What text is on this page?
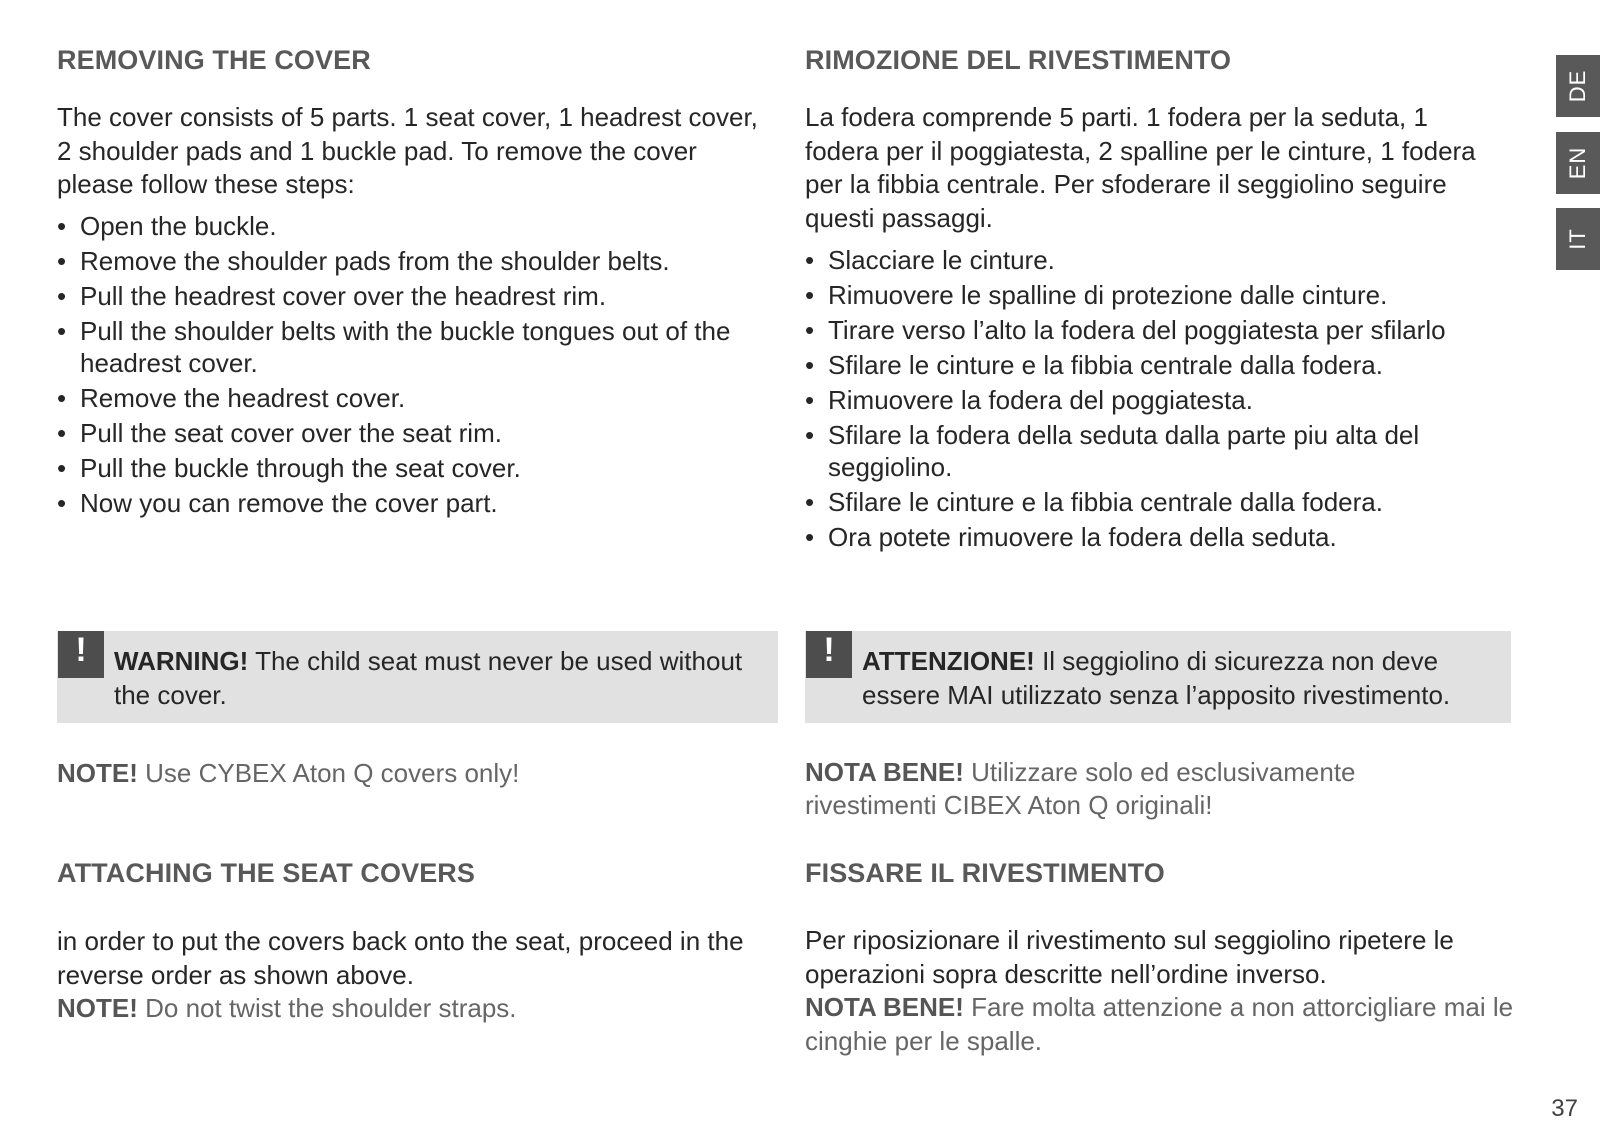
REMOVING THE COVER

The cover consists of 5 parts. 1 seat cover, 1 headrest cover, 2 shoulder pads and 1 buckle pad. To remove the cover please follow these steps:

• Open the buckle.
• Remove the shoulder pads from the shoulder belts.
• Pull the headrest cover over the headrest rim.
• Pull the shoulder belts with the buckle tongues out of the headrest cover.
• Remove the headrest cover.
• Pull the seat cover over the seat rim.
• Pull the buckle through the seat cover.
• Now you can remove the cover part.
!	WARNING! The child seat must never be used without the cover.

NOTE! Use CYBEX Aton Q covers only!

ATTACHING THE SEAT COVERS

in order to put the covers back onto the seat, proceed in the reverse order as shown above.
NOTE! Do not twist the shoulder straps.

RIMOZIONE DEL RIVESTIMENTO

La fodera comprende 5 parti. 1 fodera per la seduta, 1 fodera per il poggiatesta, 2 spalline per le cinture, 1 fodera per la fibbia centrale. Per sfoderare il seggiolino seguire questi passaggi.

• Slacciare le cinture.
• Rimuovere le spalline di protezione dalle cinture.
• Tirare verso l’alto la fodera del poggiatesta per sfilarlo
• Sfilare le cinture e la fibbia centrale dalla fodera.
• Rimuovere la fodera del poggiatesta.
• Sfilare la fodera della seduta dalla parte piu alta del seggiolino.
• Sfilare le cinture e la fibbia centrale dalla fodera.
• Ora potete rimuovere la fodera della seduta.
!	ATTENZIONE! Il seggiolino di sicurezza non deve essere MAI utilizzato senza l’apposito rivestimento.

NOTA BENE! Utilizzare solo ed esclusivamente rivestimenti CIBEX Aton Q originali!

FISSARE IL RIVESTIMENTO

Per riposizionare il rivestimento sul seggiolino ripetere le operazioni sopra descritte nell’ordine inverso.
NOTA BENE! Fare molta attenzione a non attorcigliare mai le cinghie per le spalle.

DE
EN
IT
37
